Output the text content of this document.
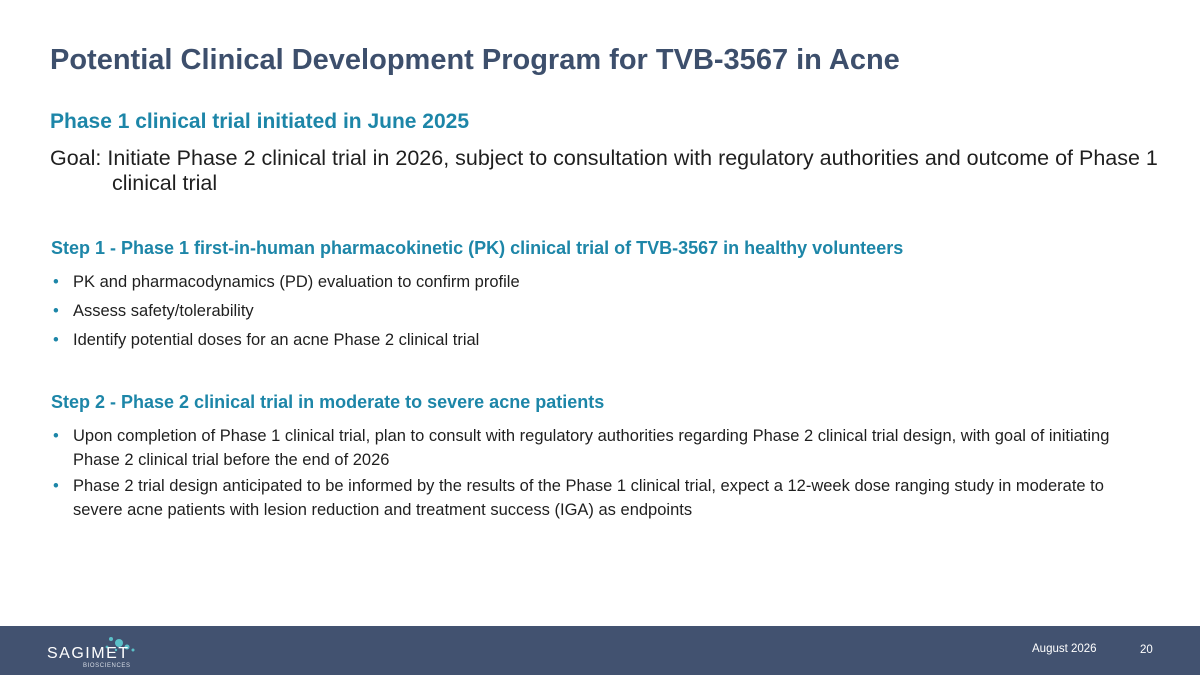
Potential Clinical Development Program for TVB-3567 in Acne
Phase 1 clinical trial initiated in June 2025
Goal: Initiate Phase 2 clinical trial in 2026, subject to consultation with regulatory authorities and outcome of Phase 1 clinical trial
Step 1 - Phase 1 first-in-human pharmacokinetic (PK) clinical trial of TVB-3567 in healthy volunteers
• PK and pharmacodynamics (PD) evaluation to confirm profile
• Assess safety/tolerability
• Identify potential doses for an acne Phase 2 clinical trial
Step 2 - Phase 2 clinical trial in moderate to severe acne patients
• Upon completion of Phase 1 clinical trial, plan to consult with regulatory authorities regarding Phase 2 clinical trial design, with goal of initiating Phase 2 clinical trial before the end of 2026
• Phase 2 trial design anticipated to be informed by the results of the Phase 1 clinical trial, expect a 12-week dose ranging study in moderate to severe acne patients with lesion reduction and treatment success (IGA) as endpoints
SAGIMET
BIOSCIENCES
August 2026	20
